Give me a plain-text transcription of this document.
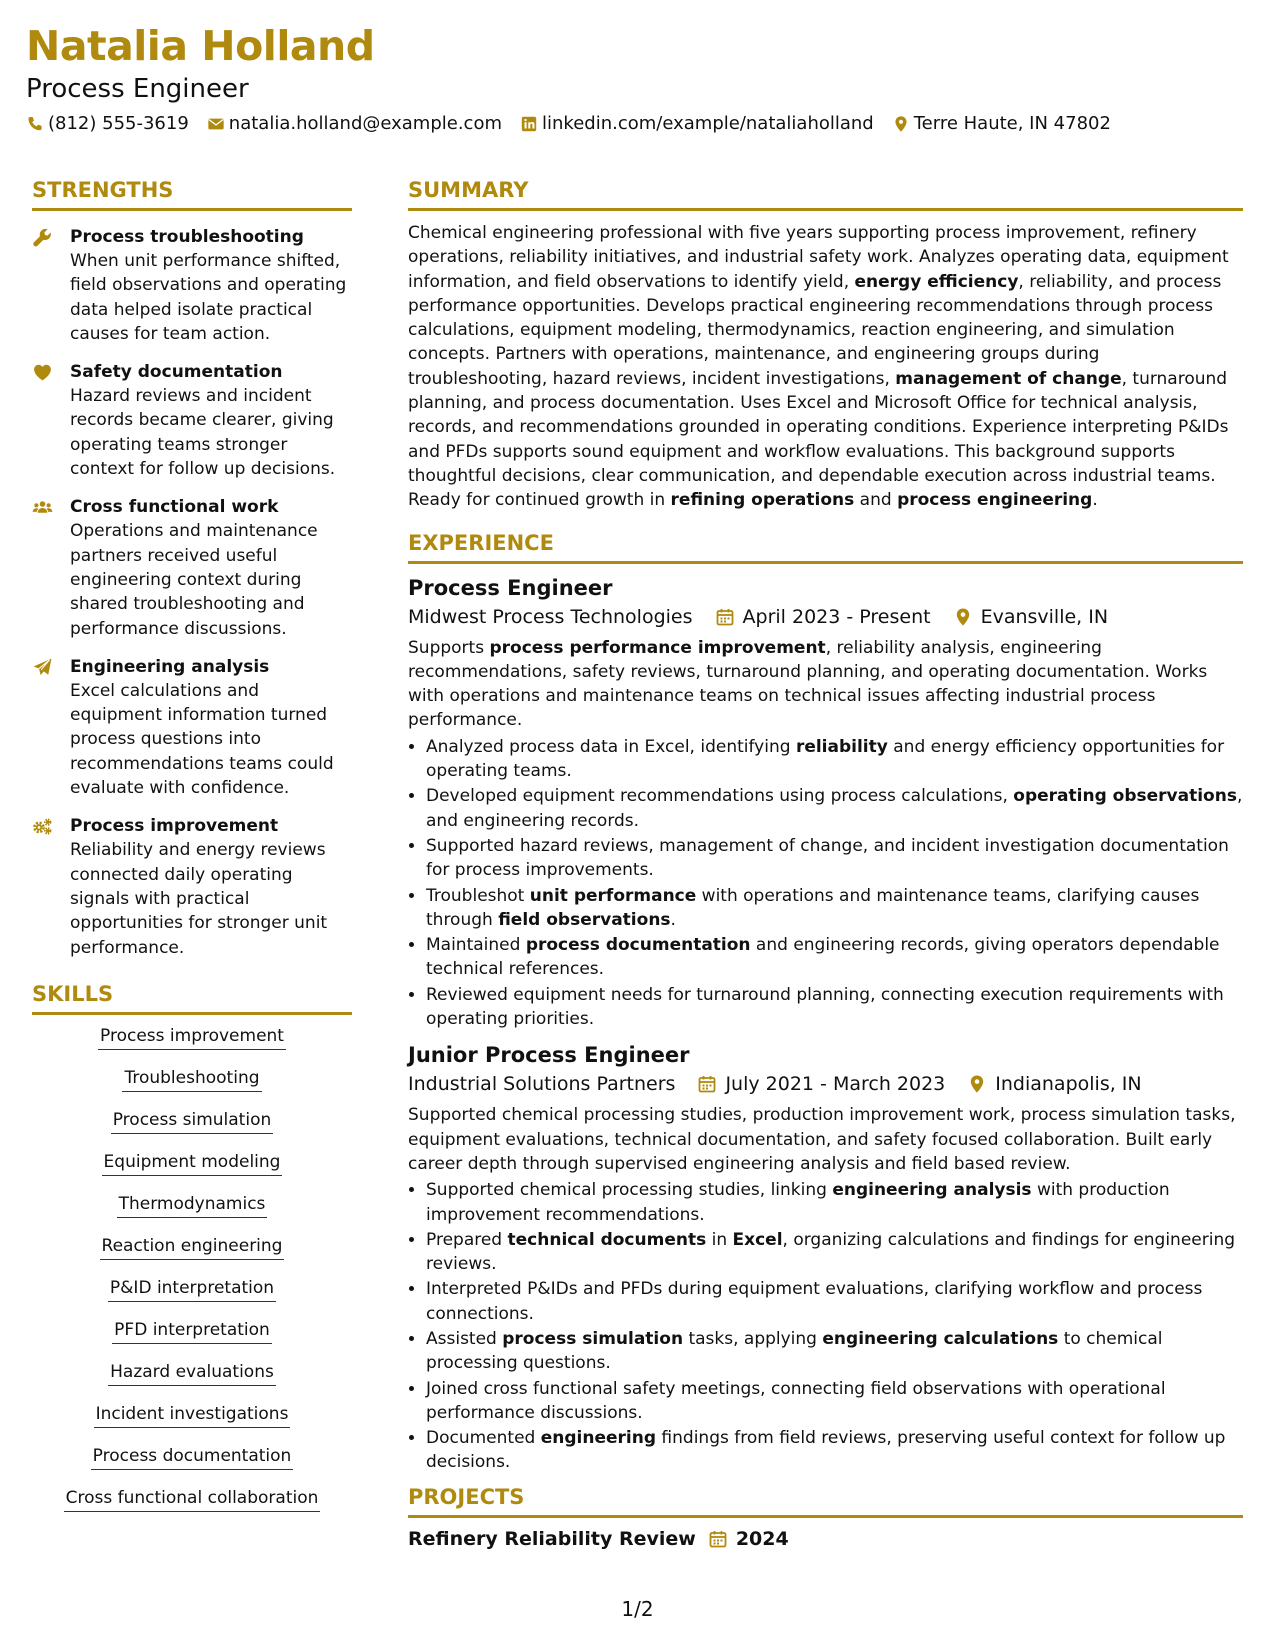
Natalia Holland
Process Engineer
(812) 555-3619 natalia.holland@example.com linkedin.com/example/nataliaholland Terre Haute, IN 47802
STRENGTHS
Process troubleshooting
When unit performance shifted, field observations and operating data helped isolate practical causes for team action.
Safety documentation
Hazard reviews and incident records became clearer, giving operating teams stronger context for follow up decisions.
Cross functional work
Operations and maintenance partners received useful engineering context during shared troubleshooting and performance discussions.
Engineering analysis
Excel calculations and equipment information turned process questions into recommendations teams could evaluate with confidence.
Process improvement
Reliability and energy reviews connected daily operating signals with practical opportunities for stronger unit performance.
SKILLS
Process improvement
Troubleshooting
Process simulation
Equipment modeling
Thermodynamics
Reaction engineering
P&ID interpretation
PFD interpretation
Hazard evaluations
Incident investigations
Process documentation
Cross functional collaboration
SUMMARY
Chemical engineering professional with five years supporting process improvement, refinery operations, reliability initiatives, and industrial safety work. Analyzes operating data, equipment information, and field observations to identify yield, energy efficiency, reliability, and process performance opportunities. Develops practical engineering recommendations through process calculations, equipment modeling, thermodynamics, reaction engineering, and simulation concepts. Partners with operations, maintenance, and engineering groups during troubleshooting, hazard reviews, incident investigations, management of change, turnaround planning, and process documentation. Uses Excel and Microsoft Office for technical analysis, records, and recommendations grounded in operating conditions. Experience interpreting P&IDs and PFDs supports sound equipment and workflow evaluations. This background supports thoughtful decisions, clear communication, and dependable execution across industrial teams. Ready for continued growth in refining operations and process engineering.
EXPERIENCE
Process Engineer
Midwest Process Technologies	April 2023 - Present	Evansville, IN
Supports process performance improvement, reliability analysis, engineering recommendations, safety reviews, turnaround planning, and operating documentation. Works with operations and maintenance teams on technical issues affecting industrial process performance.
• Analyzed process data in Excel, identifying reliability and energy efficiency opportunities for operating teams.
• Developed equipment recommendations using process calculations, operating observations, and engineering records.
• Supported hazard reviews, management of change, and incident investigation documentation for process improvements.
• Troubleshot unit performance with operations and maintenance teams, clarifying causes through field observations.
• Maintained process documentation and engineering records, giving operators dependable technical references.
• Reviewed equipment needs for turnaround planning, connecting execution requirements with operating priorities.
Junior Process Engineer
Industrial Solutions Partners	July 2021 - March 2023	Indianapolis, IN
Supported chemical processing studies, production improvement work, process simulation tasks, equipment evaluations, technical documentation, and safety focused collaboration. Built early career depth through supervised engineering analysis and field based review.
• Supported chemical processing studies, linking engineering analysis with production improvement recommendations.
• Prepared technical documents in Excel, organizing calculations and findings for engineering reviews.
• Interpreted P&IDs and PFDs during equipment evaluations, clarifying workflow and process connections.
• Assisted process simulation tasks, applying engineering calculations to chemical processing questions.
• Joined cross functional safety meetings, connecting field observations with operational performance discussions.
• Documented engineering findings from field reviews, preserving useful context for follow up decisions.
PROJECTS
Refinery Reliability Review 2024
1/2
